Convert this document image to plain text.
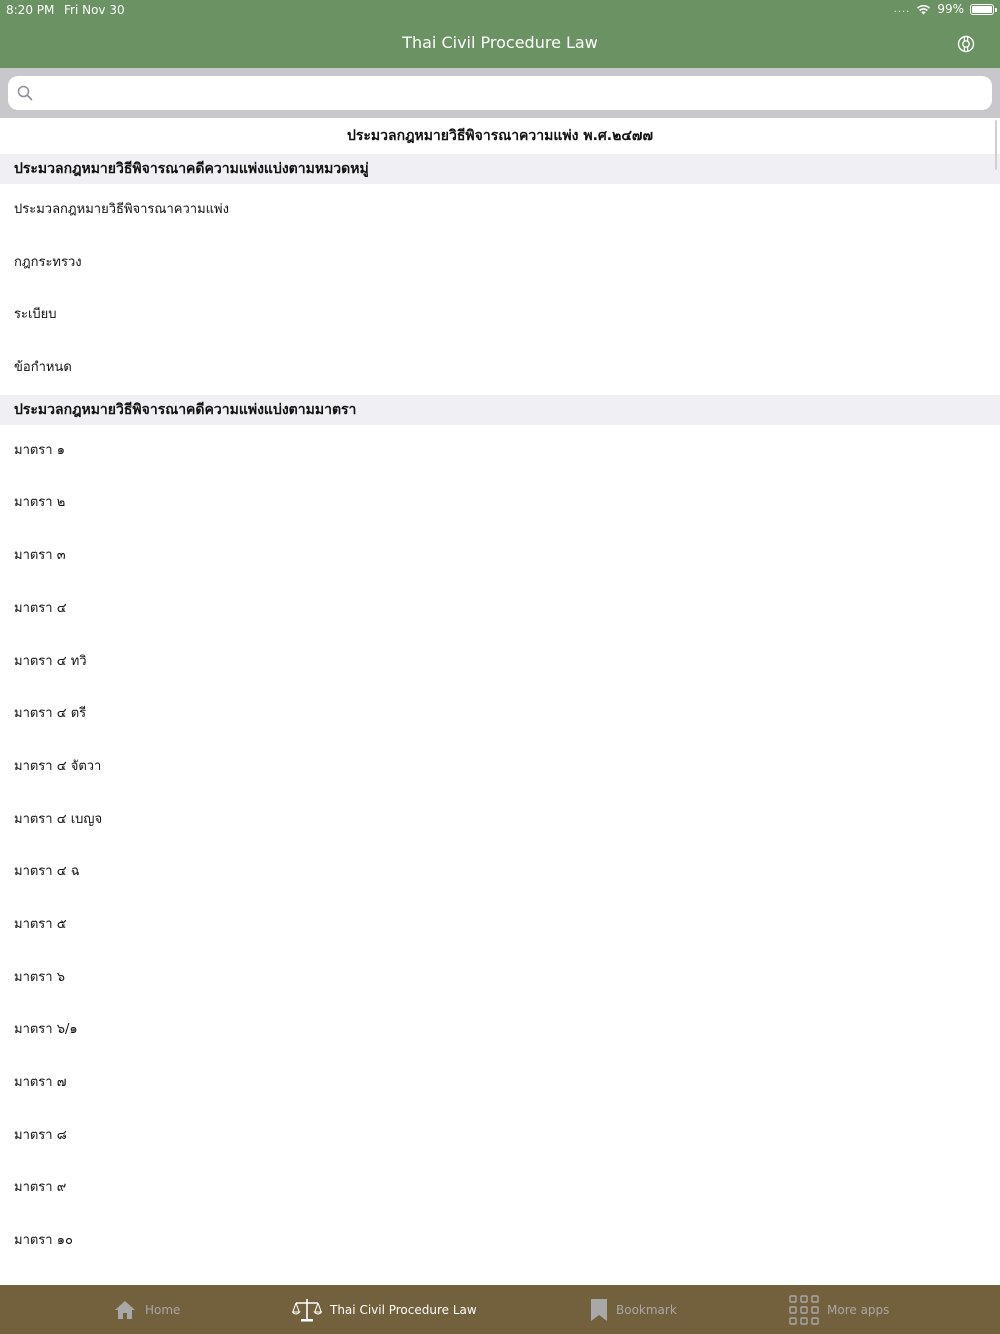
8:20 PM Fri Nov 30	.... 99%
Thai Civil Procedure Law
ประมวลกฎหมายวิธีพิจารณาความแพ่ง พ.ศ.๒๔๗๗
ประมวลกฎหมายวิธีพิจารณาคดีความแพ่งแบ่งตามหมวดหมู่
ประมวลกฎหมายวิธีพิจารณาความแพ่ง
กฎกระทรวง
ระเบียบ
ข้อกำหนด
ประมวลกฎหมายวิธีพิจารณาคดีความแพ่งแบ่งตามมาตรา
มาตรา ๑
มาตรา ๒
มาตรา ๓
มาตรา ๔
มาตรา ๔ ทวิ
มาตรา ๔ ตรี
มาตรา ๔ จัตวา
มาตรา ๔ เบญจ
มาตรา ๔ ฉ
มาตรา ๕
มาตรา ๖
มาตรา ๖/๑
มาตรา ๗
มาตรา ๘
มาตรา ๙
มาตรา ๑๐
Home	Thai Civil Procedure Law	Bookmark	More apps
